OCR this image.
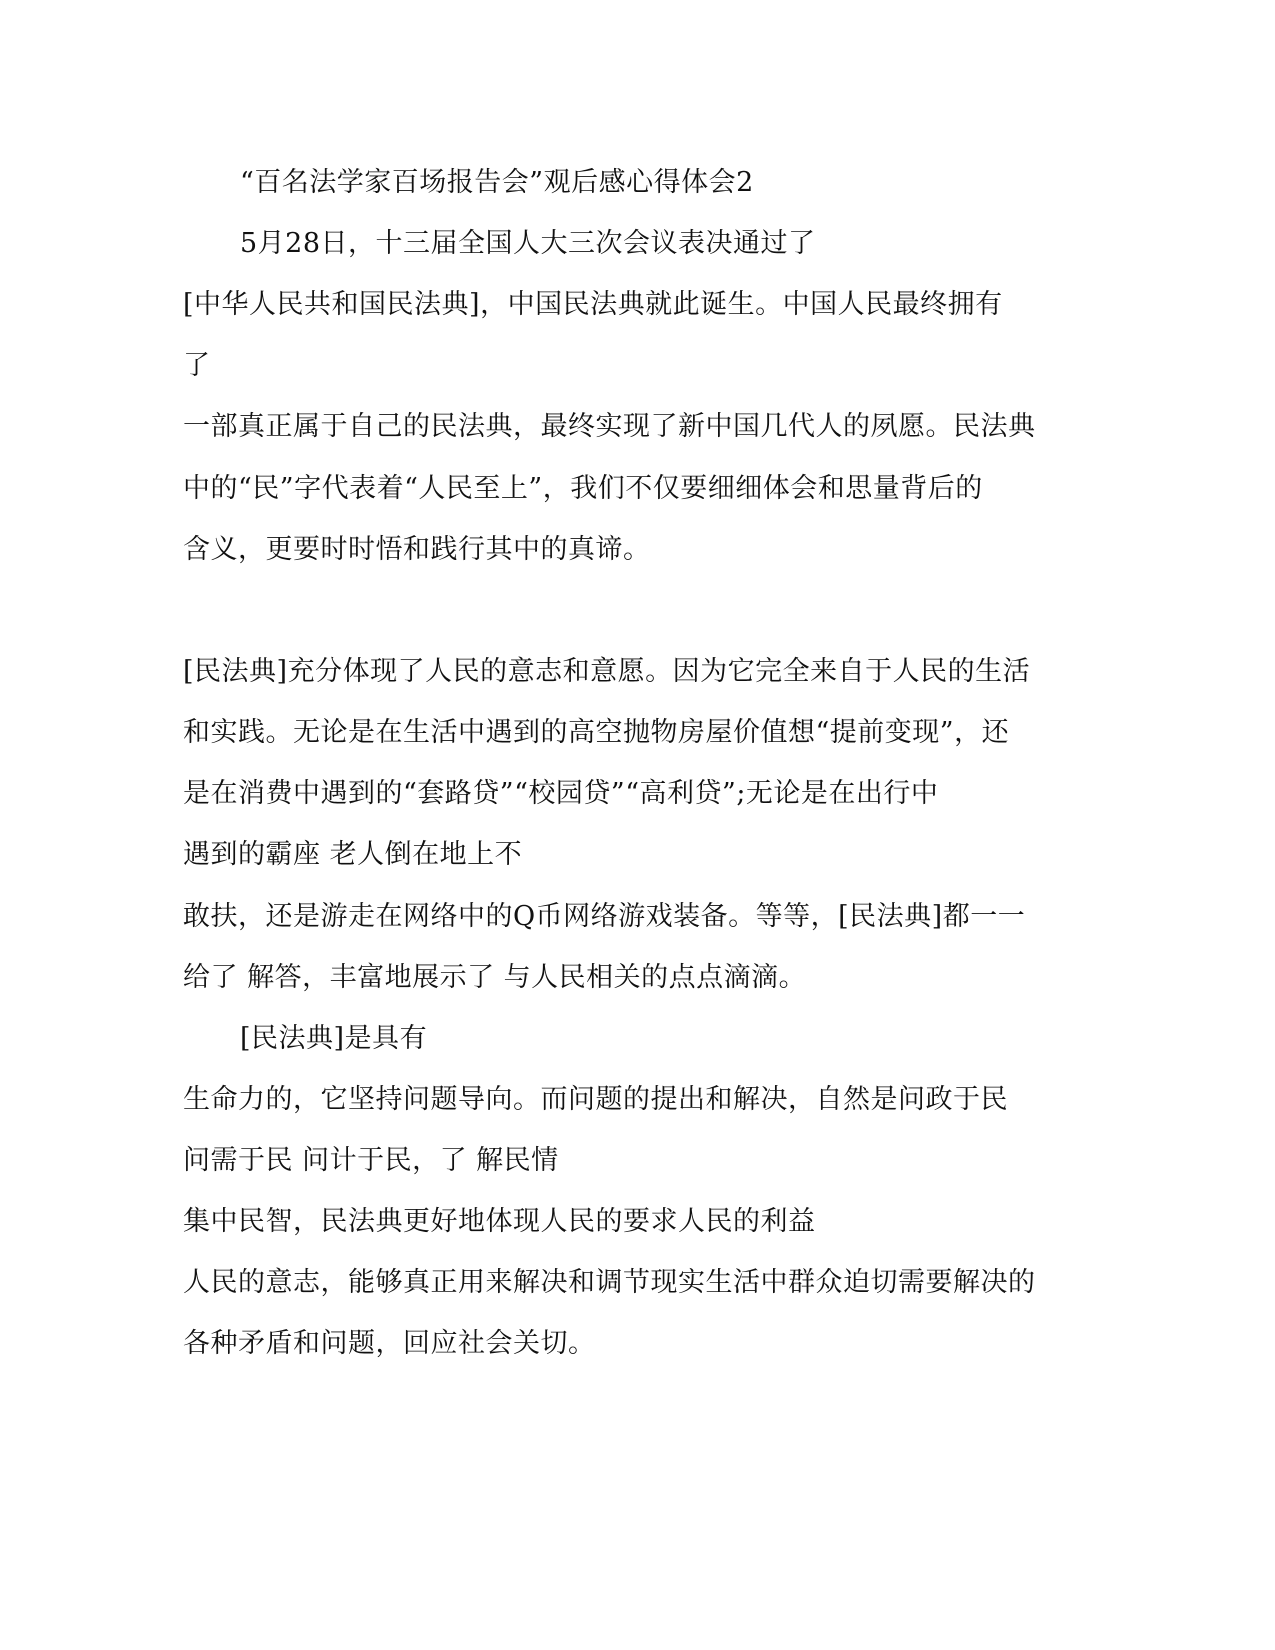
“百名法学家百场报告会”观后感心得体会2
5月28日，十三届全国人大三次会议表决通过了
[中华人民共和国民法典]，中国民法典就此诞生。中国人民最终拥有
了
一部真正属于自己的民法典，最终实现了新中国几代人的夙愿。民法典
中的“民”字代表着“人民至上”，我们不仅要细细体会和思量背后的
含义，更要时时悟和践行其中的真谛。
[民法典]充分体现了人民的意志和意愿。因为它完全来自于人民的生活
和实践。无论是在生活中遇到的高空抛物房屋价值想“提前变现”，还
是在消费中遇到的“套路贷”“校园贷”“高利贷”;无论是在出行中
遇到的霸座 老人倒在地上不
敢扶，还是游走在网络中的Q币网络游戏装备。等等，[民法典]都一一
给了 解答，丰富地展示了 与人民相关的点点滴滴。
[民法典]是具有
生命力的，它坚持问题导向。而问题的提出和解决，自然是问政于民
问需于民 问计于民，了 解民情
集中民智，民法典更好地体现人民的要求人民的利益
人民的意志，能够真正用来解决和调节现实生活中群众迫切需要解决的
各种矛盾和问题，回应社会关切。
